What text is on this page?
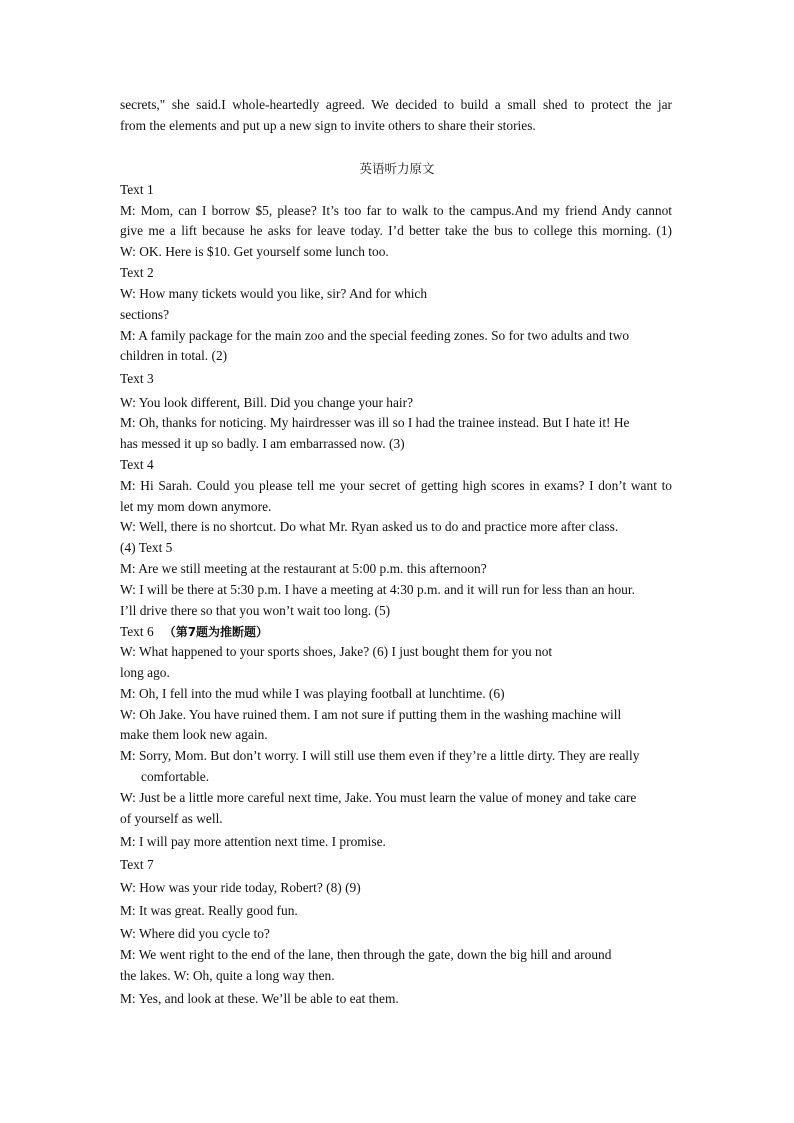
secrets," she said.I whole-heartedly agreed. We decided to build a small shed to protect the jar
from the elements and put up a new sign to invite others to share their stories.
英语听力原文
Text 1
M: Mom, can I borrow $5, please? It’s too far to walk to the campus.And my friend Andy cannot
give me a lift because he asks for leave today. I’d better take the bus to college this morning. (1)
W: OK. Here is $10. Get yourself some lunch too.
Text 2
W: How many tickets would you like, sir? And for which
sections?
M: A family package for the main zoo and the special feeding zones. So for two adults and two
children in total. (2)
Text 3
W: You look different, Bill. Did you change your hair?
M: Oh, thanks for noticing. My hairdresser was ill so I had the trainee instead. But I hate it! He
has messed it up so badly. I am embarrassed now. (3)
Text 4
M: Hi Sarah. Could you please tell me your secret of getting high scores in exams? I don’t want to
let my mom down anymore.
W: Well, there is no shortcut. Do what Mr. Ryan asked us to do and practice more after class.
(4) Text 5
M: Are we still meeting at the restaurant at 5:00 p.m. this afternoon?
W: I will be there at 5:30 p.m. I have a meeting at 4:30 p.m. and it will run for less than an hour.
I’ll drive there so that you won’t wait too long. (5)
Text 6 （第7题为推断题）
W: What happened to your sports shoes, Jake? (6) I just bought them for you not
long ago.
M: Oh, I fell into the mud while I was playing football at lunchtime. (6)
W: Oh Jake. You have ruined them. I am not sure if putting them in the washing machine will
make them look new again.
M: Sorry, Mom. But don’t worry. I will still use them even if they’re a little dirty. They are really
comfortable.
W: Just be a little more careful next time, Jake. You must learn the value of money and take care
of yourself as well.
M: I will pay more attention next time. I promise.
Text 7
W: How was your ride today, Robert? (8) (9)
M: It was great. Really good fun.
W: Where did you cycle to?
M: We went right to the end of the lane, then through the gate, down the big hill and around
the lakes. W: Oh, quite a long way then.
M: Yes, and look at these. We’ll be able to eat them.
